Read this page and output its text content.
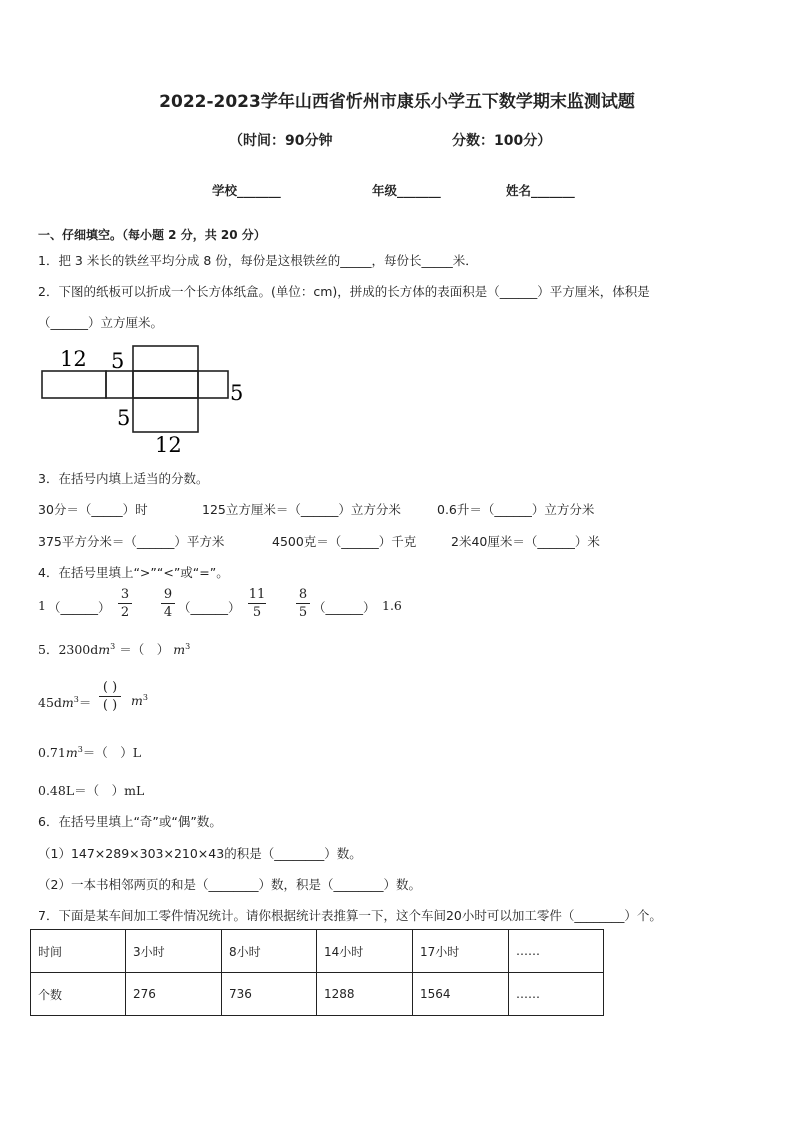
2022-2023学年山西省忻州市康乐小学五下数学期末监测试题
（时间：90分钟	分数：100分）
学校_______	年级_______	姓名_______
一、仔细填空。（每小题 2 分，共 20 分）
1．把 3 米长的铁丝平均分成 8 份，每份是这根铁丝的_____，每份长_____米．
2．下图的纸板可以折成一个长方体纸盒。(单位：cm)，拼成的长方体的表面积是（______）平方厘米，体积是
（______）立方厘米。
12 5
5
5
12
3．在括号内填上适当的分数。
30分＝（_____）时	125立方厘米＝（______）立方分米	0.6升＝（______）立方分米
375平方分米＝（______）平方米	4500克＝（______）千克	2米40厘米＝（______）米
4．在括号里填上“>”“<”或“=”。
1 （______）
3
2
9
4 （______）
11
5
8
5 （______） 1.6
5．$2300dm^3$ ＝（　） $m^3$
$45dm^3=$
( )
( )	$m^3$
$0.71m^3=$（　）L
0.48L＝（　）mL
6．在括号里填上“奇”或“偶”数。
（1）147×289×303×210×43的积是（________）数。
（2）一本书相邻两页的和是（________）数，积是（________）数。
7．下面是某车间加工零件情况统计。请你根据统计表推算一下，这个车间20小时可以加工零件（________）个。
时间	3小时	8小时	14小时	17小时	……
个数	276	736	1288	1564	……
